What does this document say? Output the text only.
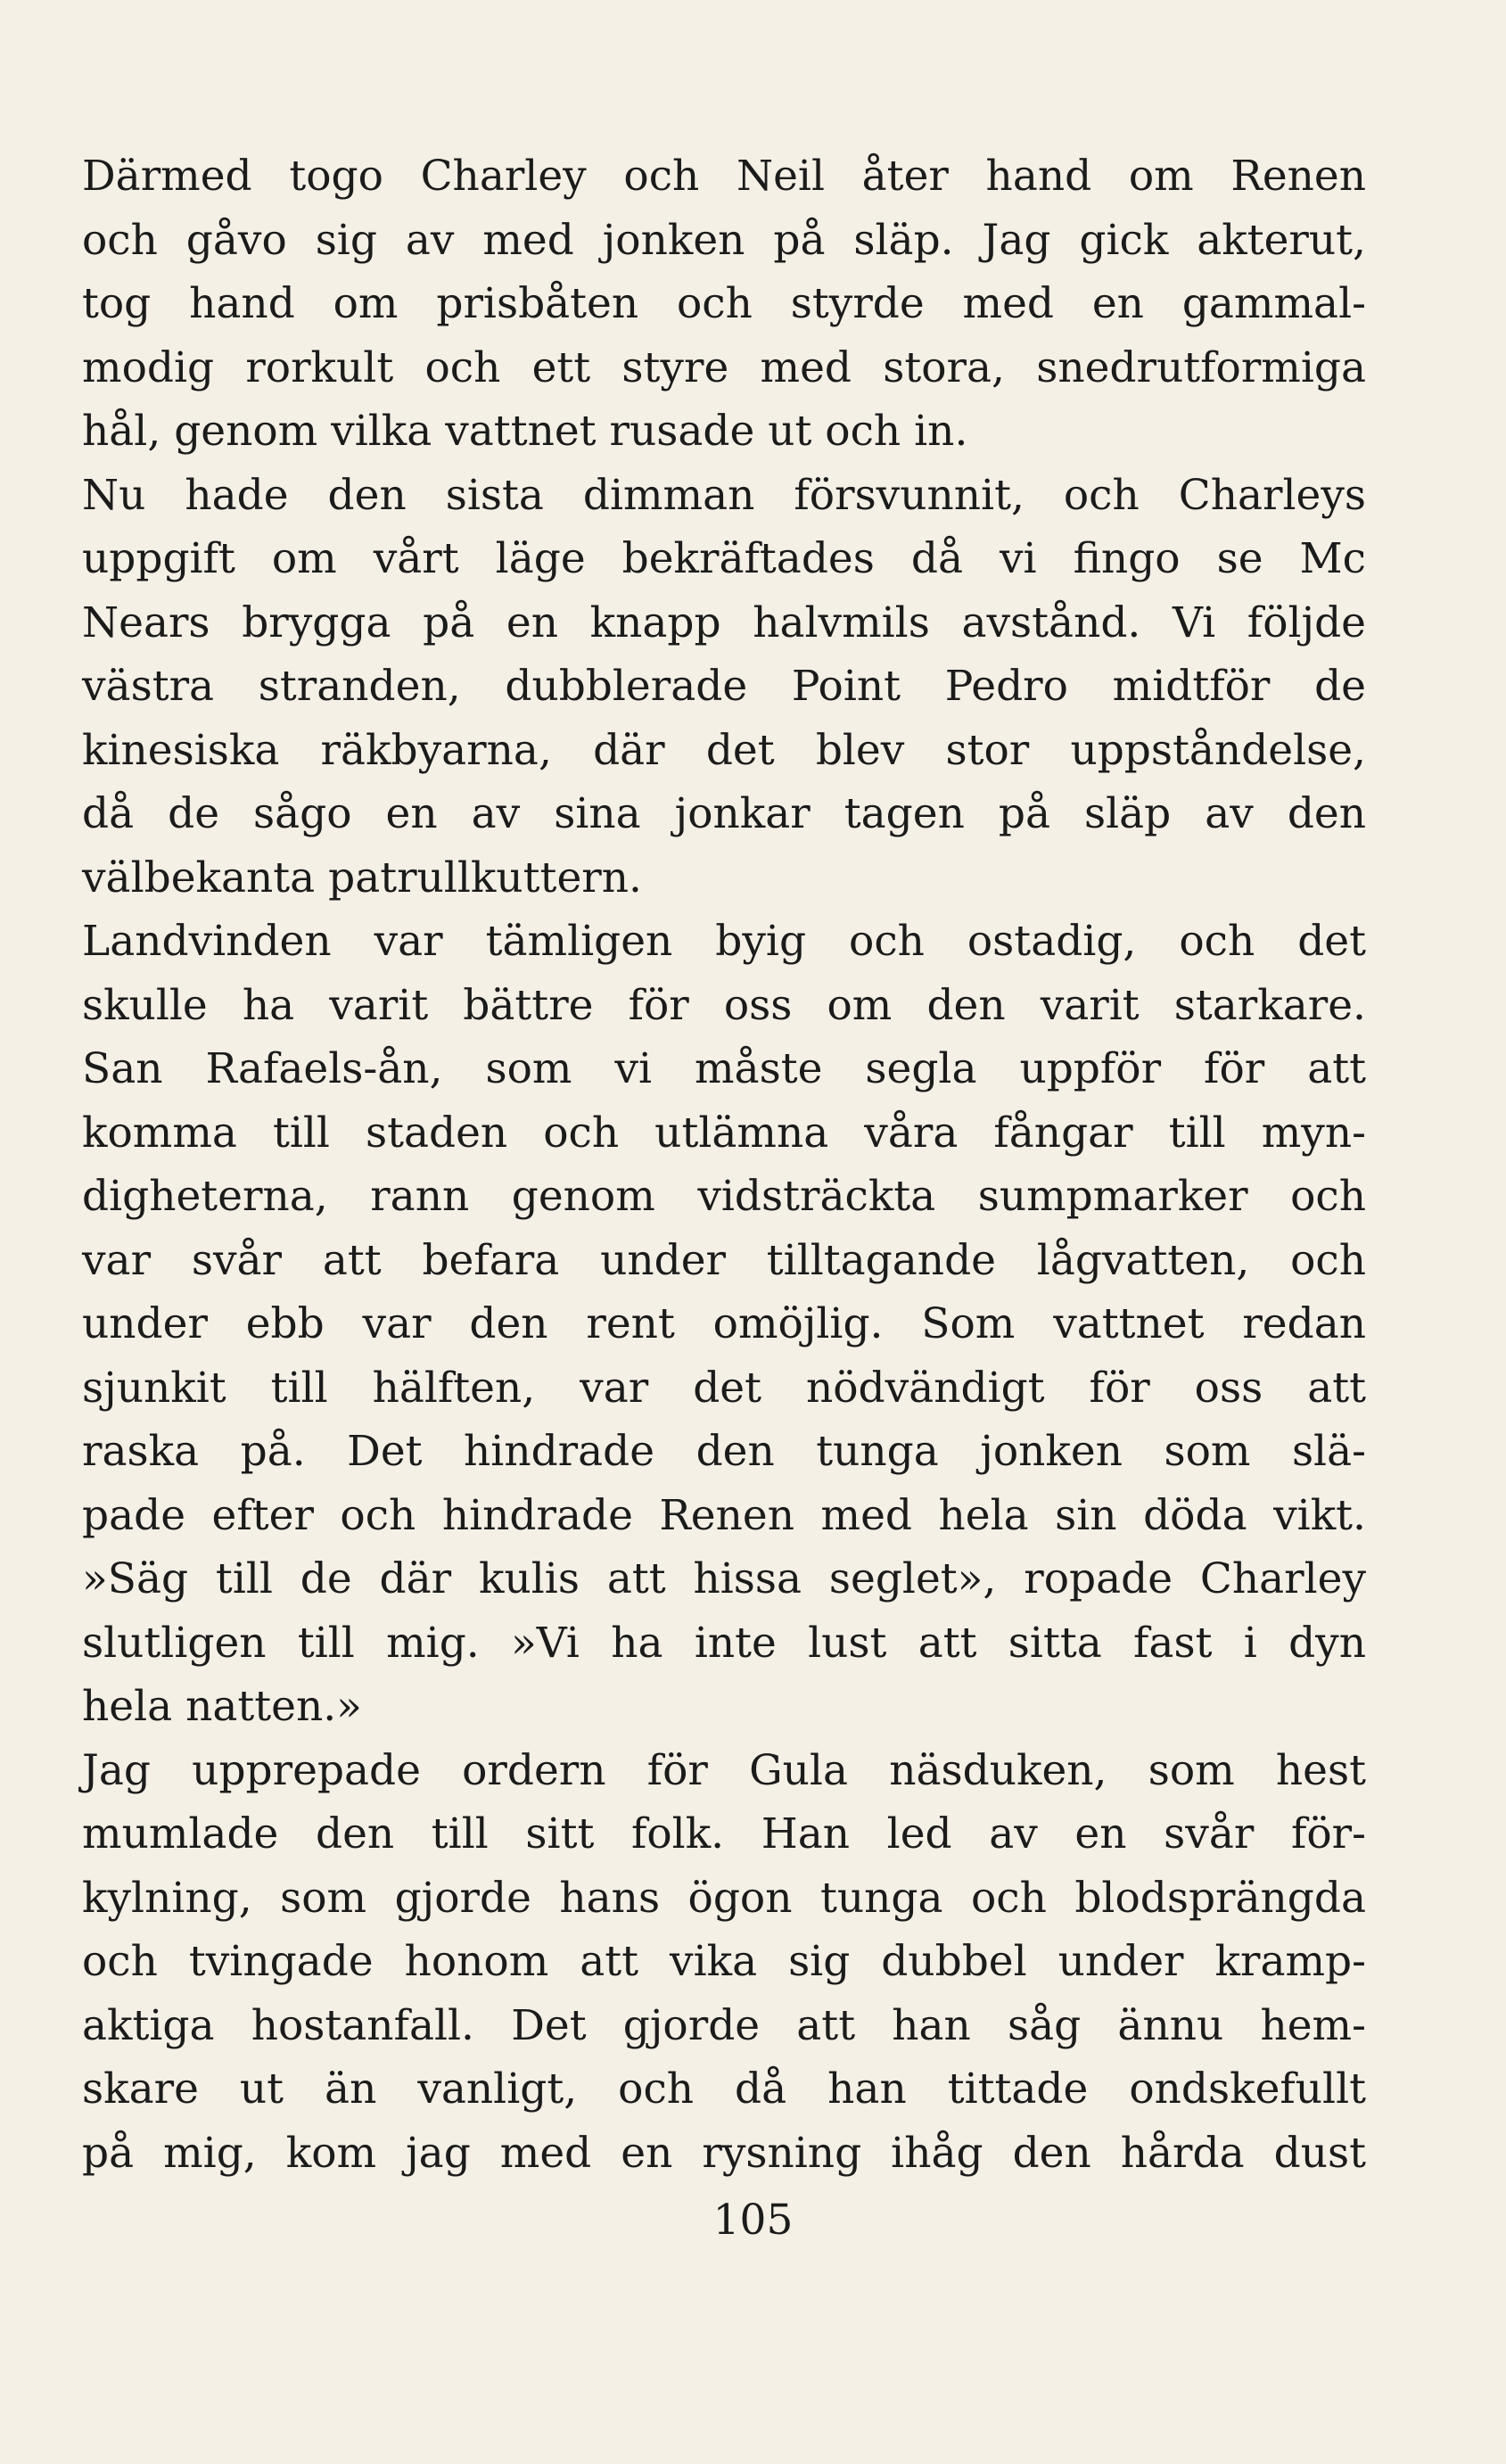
Därmed togo Charley och Neil åter hand om Renen
och gåvo sig av med jonken på släp. Jag gick akterut,
tog hand om prisbåten och styrde med en gammal-
modig rorkult och ett styre med stora, snedrutformiga
hål, genom vilka vattnet rusade ut och in.
Nu hade den sista dimman försvunnit, och Charleys
uppgift om vårt läge bekräftades då vi fingo se Mc
Nears brygga på en knapp halvmils avstånd. Vi följde
västra stranden, dubblerade Point Pedro midtför de
kinesiska räkbyarna, där det blev stor uppståndelse,
då de sågo en av sina jonkar tagen på släp av den
välbekanta patrullkuttern.
Landvinden var tämligen byig och ostadig, och det
skulle ha varit bättre för oss om den varit starkare.
San Rafaels-ån, som vi måste segla uppför för att
komma till staden och utlämna våra fångar till myn-
digheterna, rann genom vidsträckta sumpmarker och
var svår att befara under tilltagande lågvatten, och
under ebb var den rent omöjlig. Som vattnet redan
sjunkit till hälften, var det nödvändigt för oss att
raska på. Det hindrade den tunga jonken som slä-
pade efter och hindrade Renen med hela sin döda vikt.
»Säg till de där kulis att hissa seglet», ropade Charley
slutligen till mig. »Vi ha inte lust att sitta fast i dyn
hela natten.»
Jag upprepade ordern för Gula näsduken, som hest
mumlade den till sitt folk. Han led av en svår för-
kylning, som gjorde hans ögon tunga och blodsprängda
och tvingade honom att vika sig dubbel under kramp-
aktiga hostanfall. Det gjorde att han såg ännu hem-
skare ut än vanligt, och då han tittade ondskefullt
på mig, kom jag med en rysning ihåg den hårda dust
105
